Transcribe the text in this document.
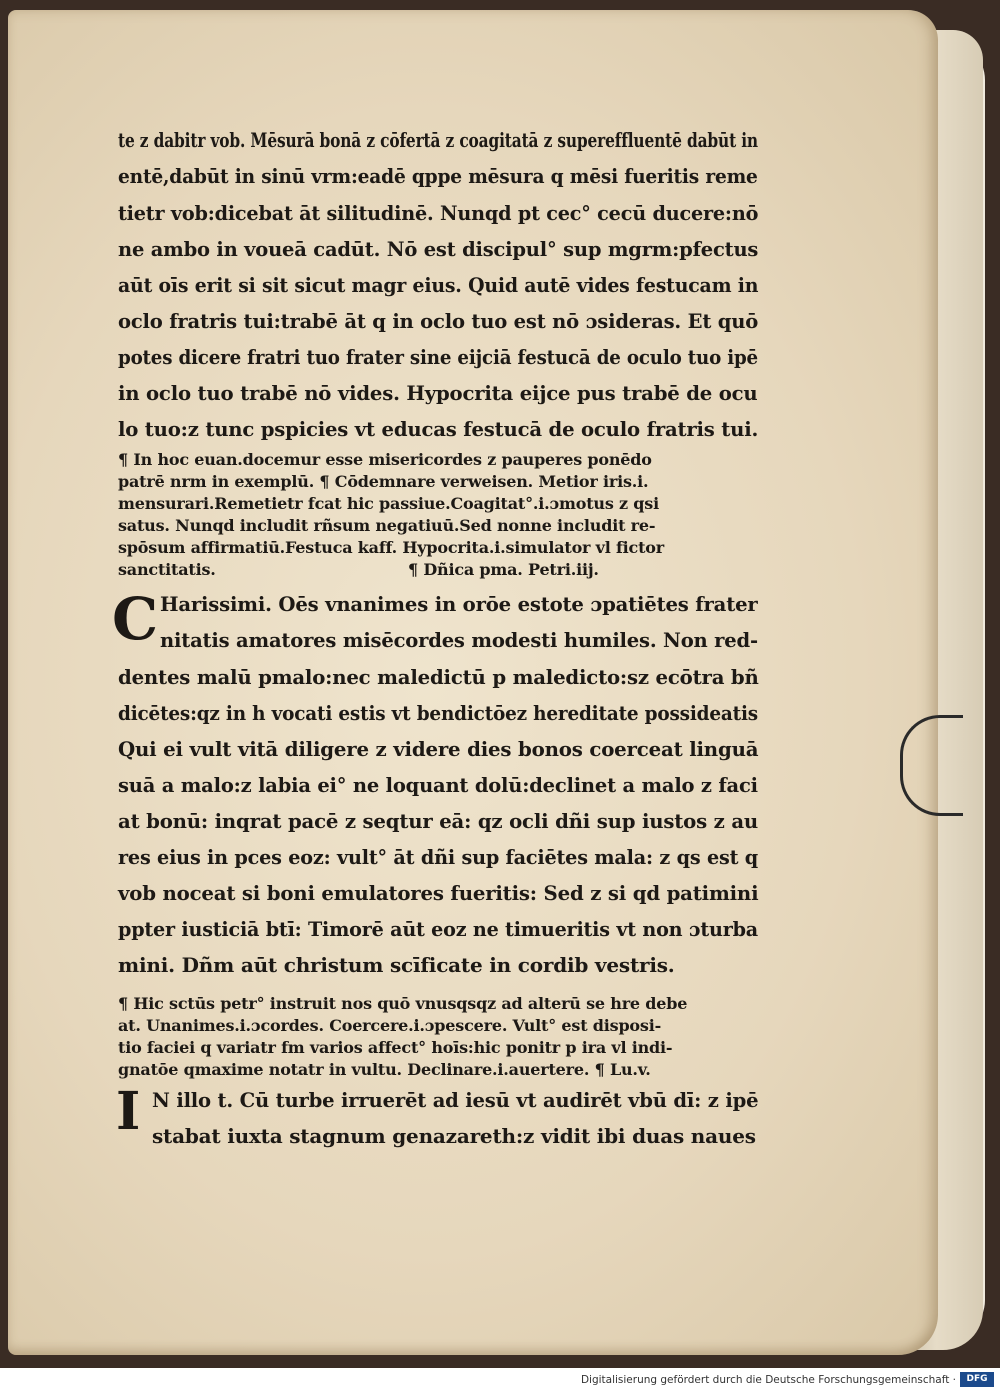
te z dabitr vob. Mēsurā bonā z cōfertā z coagitatā z supereffluentē dabūt in
entē,dabūt in sinū vrm:eadē qppe mēsura q mēsi fueritis reme
tietr vob:dicebat āt silitudinē. Nunqd pt cec° cecū ducere:nō
ne ambo in voueā cadūt. Nō est discipul° sup mgrm:pfectus
aūt oīs erit si sit sicut magr eius. Quid autē vides festucam in
oclo fratris tui:trabē āt q in oclo tuo est nō ɔsideras. Et quō
potes dicere fratri tuo frater sine eijciā festucā de oculo tuo ipē
in oclo tuo trabē nō vides. Hypocrita eijce pus trabē de ocu
lo tuo:z tunc pspicies vt educas festucā de oculo fratris tui.
¶ In hoc euan.docemur esse misericordes z pauperes ponēdo
patrē nrm in exemplū. ¶ Cōdemnare verweisen. Metior iris.i.
mensurari.Remetietr fcat hic passiue.Coagitat°.i.ɔmotus z qsi
satus. Nunqd includit rñsum negatiuū.Sed nonne includit re-
spōsum affirmatiū.Festuca kaff. Hypocrita.i.simulator vl fictor
sanctitatis.	¶ Dñica pma. Petri.iij.
C Harissimi. Oēs vnanimes in orōe estote ɔpatiētes frater
nitatis amatores misēcordes modesti humiles. Non red-
dentes malū pmalo:nec maledictū p maledicto:sz ecōtra bñ
dicētes:qz in h vocati estis vt bendictōez hereditate possideatis
Qui ei vult vitā diligere z videre dies bonos coerceat linguā
suā a malo:z labia ei° ne loquant dolū:declinet a malo z faci
at bonū: inqrat pacē z seqtur eā: qz ocli dñi sup iustos z au
res eius in pces eoz: vult° āt dñi sup faciētes mala: z qs est q
vob noceat si boni emulatores fueritis: Sed z si qd patimini
ppter iusticiā btī: Timorē aūt eoz ne timueritis vt non ɔturba
mini. Dñm aūt christum scīficate in cordib vestris.
¶ Hic sctūs petr° instruit nos quō vnusqsqz ad alterū se hre debe
at. Unanimes.i.ɔcordes. Coercere.i.ɔpescere. Vult° est disposi-
tio faciei q variatr fm varios affect° hoīs:hic ponitr p ira vl indi-
gnatōe qmaxime notatr in vultu. Declinare.i.auertere. ¶ Lu.v.
I N illo t. Cū turbe irruerēt ad iesū vt audirēt vbū dī: z ipē
stabat iuxta stagnum genazareth:z vidit ibi duas naues
Digitalisierung gefördert durch die Deutsche Forschungsgemeinschaft ·	DFG
